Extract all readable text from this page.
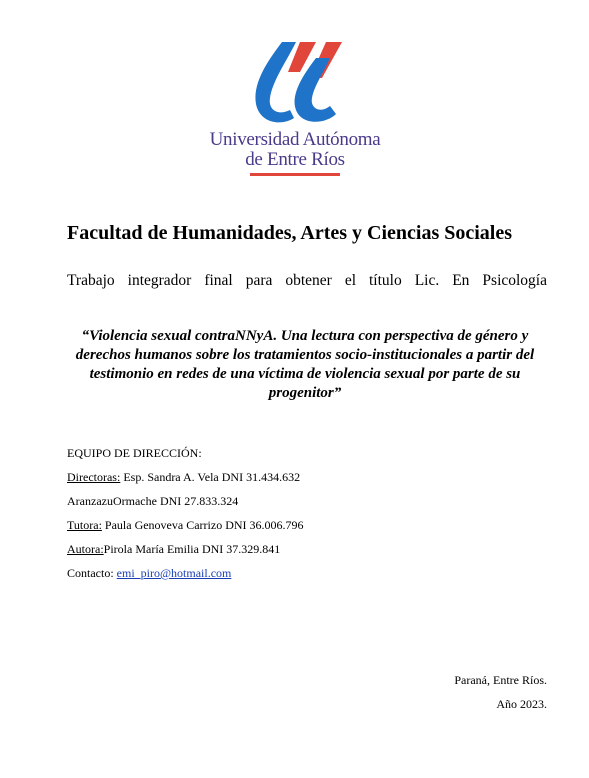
Universidad Autónoma
de Entre Ríos
Facultad de Humanidades, Artes y Ciencias Sociales
Trabajo integrador final para obtener el título Lic. En Psicología
“Violencia sexual contraNNyA. Una lectura con perspectiva de género y derechos humanos sobre los tratamientos socio-institucionales a partir del testimonio en redes de una víctima de violencia sexual por parte de su progenitor”
EQUIPO DE DIRECCIÓN:
Directoras: Esp. Sandra A. Vela DNI 31.434.632
AranzazuOrmache DNI 27.833.324
Tutora: Paula Genoveva Carrizo DNI 36.006.796
Autora:Pirola María Emilia DNI 37.329.841
Contacto: emi_piro@hotmail.com
Paraná, Entre Ríos.
Año 2023.
